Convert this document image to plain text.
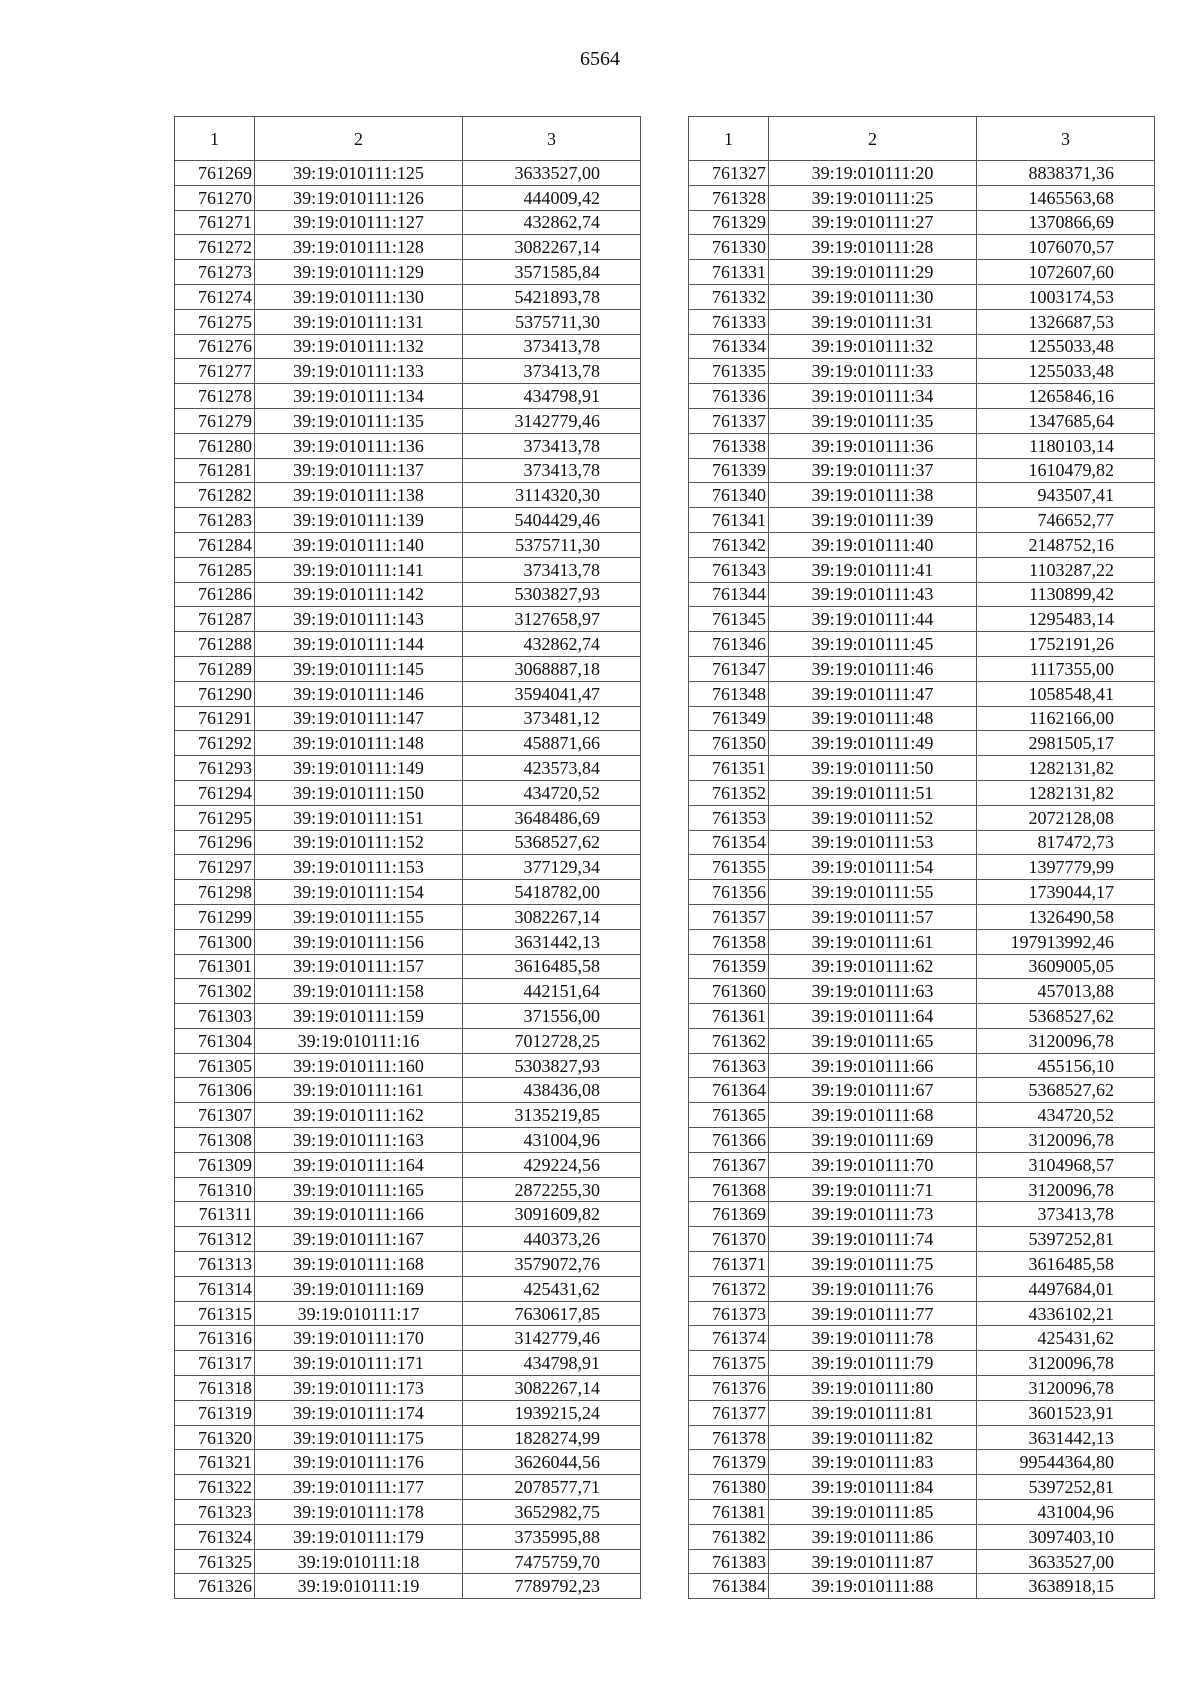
6564
1	2	3
761269	39:19:010111:125	3633527,00
761270	39:19:010111:126	444009,42
761271	39:19:010111:127	432862,74
761272	39:19:010111:128	3082267,14
761273	39:19:010111:129	3571585,84
761274	39:19:010111:130	5421893,78
761275	39:19:010111:131	5375711,30
761276	39:19:010111:132	373413,78
761277	39:19:010111:133	373413,78
761278	39:19:010111:134	434798,91
761279	39:19:010111:135	3142779,46
761280	39:19:010111:136	373413,78
761281	39:19:010111:137	373413,78
761282	39:19:010111:138	3114320,30
761283	39:19:010111:139	5404429,46
761284	39:19:010111:140	5375711,30
761285	39:19:010111:141	373413,78
761286	39:19:010111:142	5303827,93
761287	39:19:010111:143	3127658,97
761288	39:19:010111:144	432862,74
761289	39:19:010111:145	3068887,18
761290	39:19:010111:146	3594041,47
761291	39:19:010111:147	373481,12
761292	39:19:010111:148	458871,66
761293	39:19:010111:149	423573,84
761294	39:19:010111:150	434720,52
761295	39:19:010111:151	3648486,69
761296	39:19:010111:152	5368527,62
761297	39:19:010111:153	377129,34
761298	39:19:010111:154	5418782,00
761299	39:19:010111:155	3082267,14
761300	39:19:010111:156	3631442,13
761301	39:19:010111:157	3616485,58
761302	39:19:010111:158	442151,64
761303	39:19:010111:159	371556,00
761304	39:19:010111:16	7012728,25
761305	39:19:010111:160	5303827,93
761306	39:19:010111:161	438436,08
761307	39:19:010111:162	3135219,85
761308	39:19:010111:163	431004,96
761309	39:19:010111:164	429224,56
761310	39:19:010111:165	2872255,30
761311	39:19:010111:166	3091609,82
761312	39:19:010111:167	440373,26
761313	39:19:010111:168	3579072,76
761314	39:19:010111:169	425431,62
761315	39:19:010111:17	7630617,85
761316	39:19:010111:170	3142779,46
761317	39:19:010111:171	434798,91
761318	39:19:010111:173	3082267,14
761319	39:19:010111:174	1939215,24
761320	39:19:010111:175	1828274,99
761321	39:19:010111:176	3626044,56
761322	39:19:010111:177	2078577,71
761323	39:19:010111:178	3652982,75
761324	39:19:010111:179	3735995,88
761325	39:19:010111:18	7475759,70
761326	39:19:010111:19	7789792,23
1	2	3
761327	39:19:010111:20	8838371,36
761328	39:19:010111:25	1465563,68
761329	39:19:010111:27	1370866,69
761330	39:19:010111:28	1076070,57
761331	39:19:010111:29	1072607,60
761332	39:19:010111:30	1003174,53
761333	39:19:010111:31	1326687,53
761334	39:19:010111:32	1255033,48
761335	39:19:010111:33	1255033,48
761336	39:19:010111:34	1265846,16
761337	39:19:010111:35	1347685,64
761338	39:19:010111:36	1180103,14
761339	39:19:010111:37	1610479,82
761340	39:19:010111:38	943507,41
761341	39:19:010111:39	746652,77
761342	39:19:010111:40	2148752,16
761343	39:19:010111:41	1103287,22
761344	39:19:010111:43	1130899,42
761345	39:19:010111:44	1295483,14
761346	39:19:010111:45	1752191,26
761347	39:19:010111:46	1117355,00
761348	39:19:010111:47	1058548,41
761349	39:19:010111:48	1162166,00
761350	39:19:010111:49	2981505,17
761351	39:19:010111:50	1282131,82
761352	39:19:010111:51	1282131,82
761353	39:19:010111:52	2072128,08
761354	39:19:010111:53	817472,73
761355	39:19:010111:54	1397779,99
761356	39:19:010111:55	1739044,17
761357	39:19:010111:57	1326490,58
761358	39:19:010111:61	197913992,46
761359	39:19:010111:62	3609005,05
761360	39:19:010111:63	457013,88
761361	39:19:010111:64	5368527,62
761362	39:19:010111:65	3120096,78
761363	39:19:010111:66	455156,10
761364	39:19:010111:67	5368527,62
761365	39:19:010111:68	434720,52
761366	39:19:010111:69	3120096,78
761367	39:19:010111:70	3104968,57
761368	39:19:010111:71	3120096,78
761369	39:19:010111:73	373413,78
761370	39:19:010111:74	5397252,81
761371	39:19:010111:75	3616485,58
761372	39:19:010111:76	4497684,01
761373	39:19:010111:77	4336102,21
761374	39:19:010111:78	425431,62
761375	39:19:010111:79	3120096,78
761376	39:19:010111:80	3120096,78
761377	39:19:010111:81	3601523,91
761378	39:19:010111:82	3631442,13
761379	39:19:010111:83	99544364,80
761380	39:19:010111:84	5397252,81
761381	39:19:010111:85	431004,96
761382	39:19:010111:86	3097403,10
761383	39:19:010111:87	3633527,00
761384	39:19:010111:88	3638918,15
